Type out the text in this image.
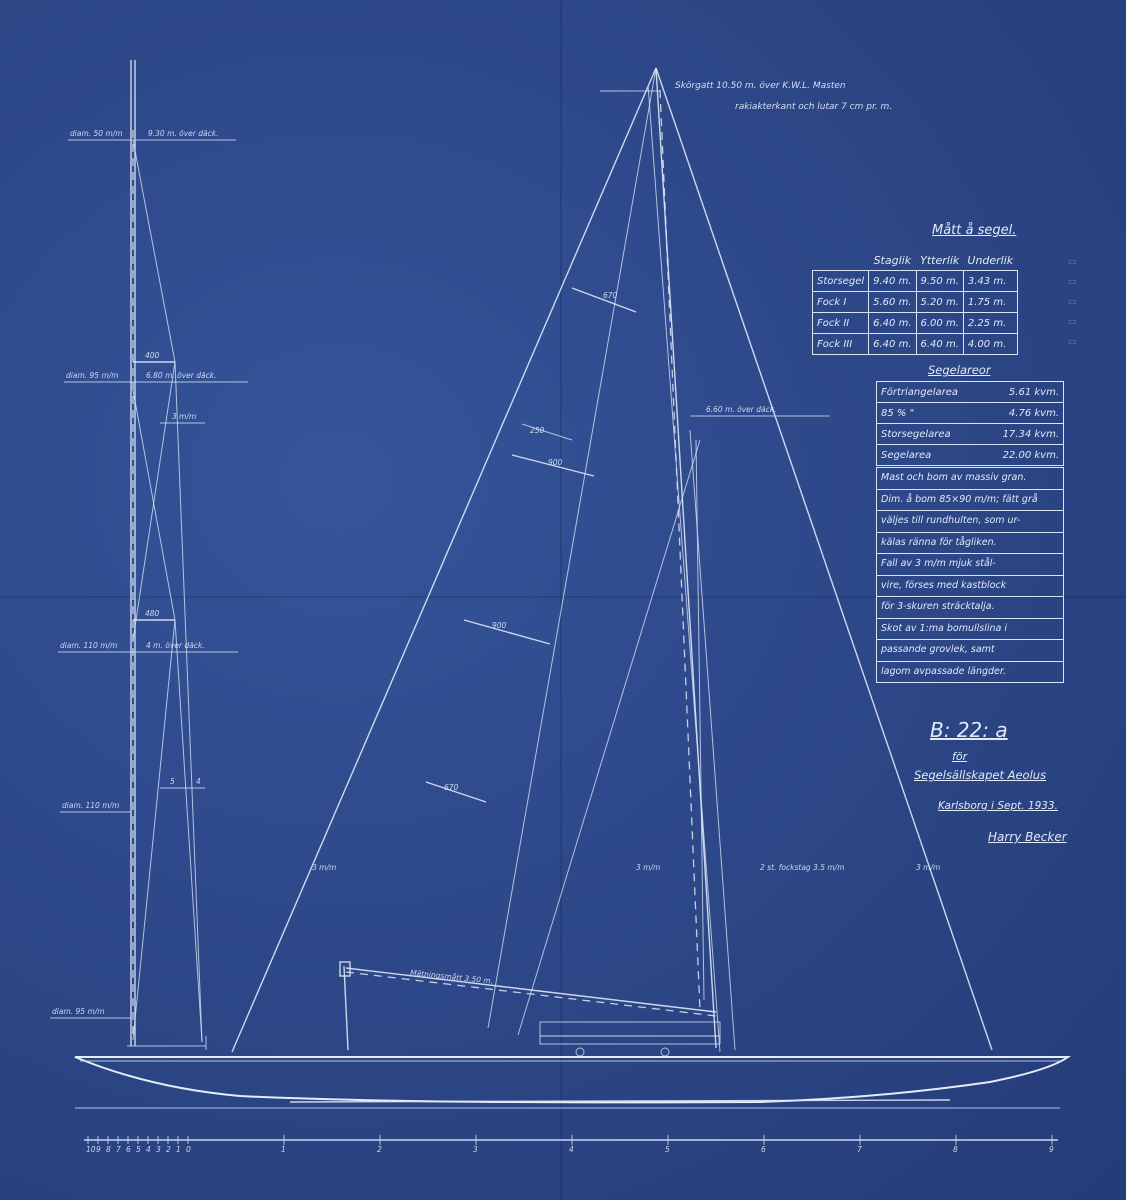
diam. 50 m/m	9.30 m. över däck.
diam. 95 m/m	6.80 m. över däck.
diam. 110 m/m	4 m. över däck.
diam. 110 m/m
diam. 95 m/m
400
480
3 m/m
5	4
670
900
900
670
250
6.60 m. över däck.
Skörgatt 10.50 m. över K.W.L. Masten
rakiakterkant och lutar 7 cm pr. m.
3 m/m	3 m/m	2 st. fockstag 3.5 m/m	3 m/m
Mätningsmått 3.50 m.
10 9 8 7 6 5 4 3 2 1 0	1	2	3	4	5	6	7	8	9
Mått å segel.
	Staglik	Ytterlik	Underlik
Storsegel	9.40 m.	9.50 m.	3.43 m.
Fock I	5.60 m.	5.20 m.	1.75 m.
Fock II	6.40 m.	6.00 m.	2.25 m.
Fock III	6.40 m.	6.40 m.	4.00 m.
▭
▭
▭
▭
▭
Segelareor
Förtriangelarea	5.61 kvm.
85 % "	4.76 kvm.
Storsegelarea	17.34 kvm.
Segelarea	22.00 kvm.
Mast och bom av massiv gran.
Dim. å bom 85×90 m/m; fätt grå
väljes till rundhulten, som ur-
kälas ränna för tågliken.
Fall av 3 m/m mjuk stål-
vire, förses med kastblock
för 3-skuren sträcktalja.
Skot av 1:ma bomullslina i
passande grovlek, samt
lagom avpassade längder.
B: 22: a
för
Segelsällskapet Aeolus
Karlsborg i Sept. 1933.
Harry Becker
